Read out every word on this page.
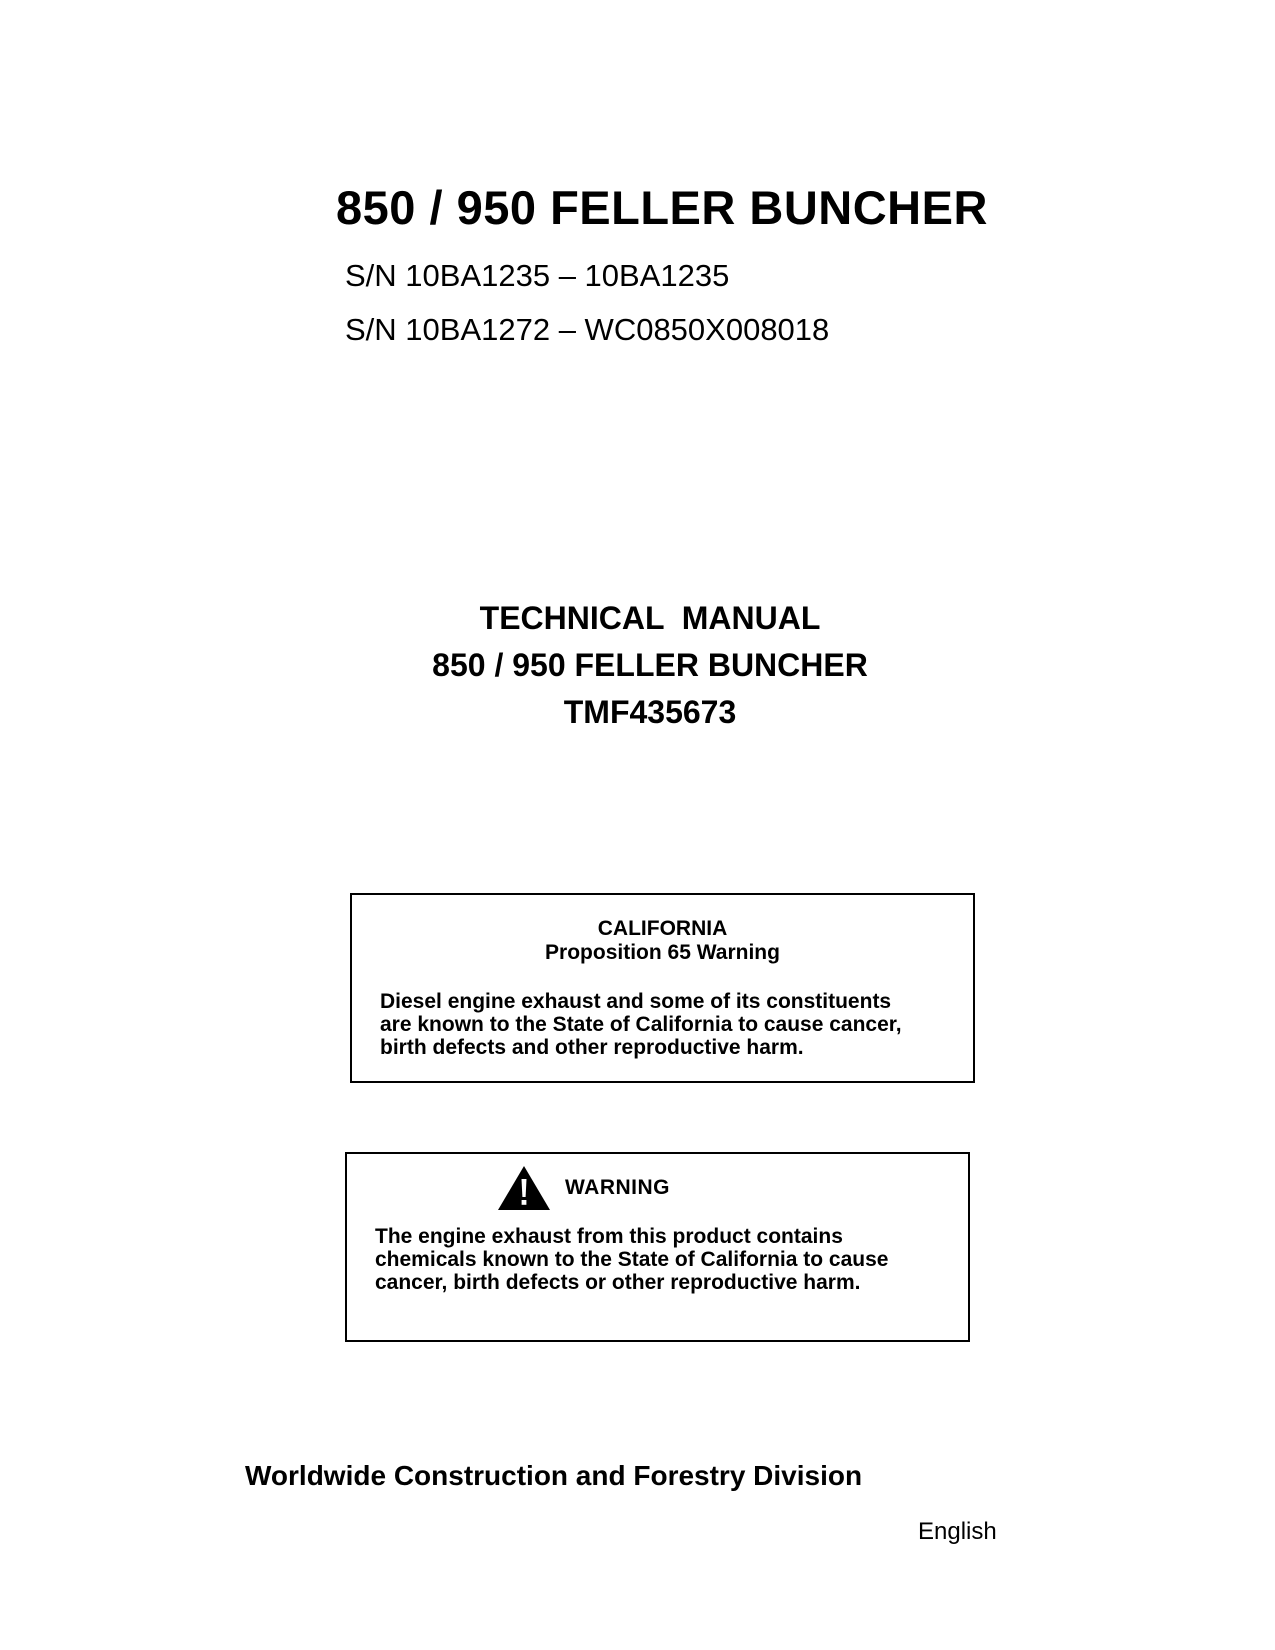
850 / 950 FELLER BUNCHER
S/N 10BA1235 – 10BA1235
S/N 10BA1272 – WC0850X008018
TECHNICAL  MANUAL
850 / 950 FELLER BUNCHER
TMF435673
CALIFORNIA
Proposition 65 Warning
Diesel engine exhaust and some of its constituents
are known to the State of California to cause cancer,
birth defects and other reproductive harm.
WARNING
The engine exhaust from this product contains
chemicals known to the State of California to cause
cancer, birth defects or other reproductive harm.
Worldwide Construction and Forestry Division
English
